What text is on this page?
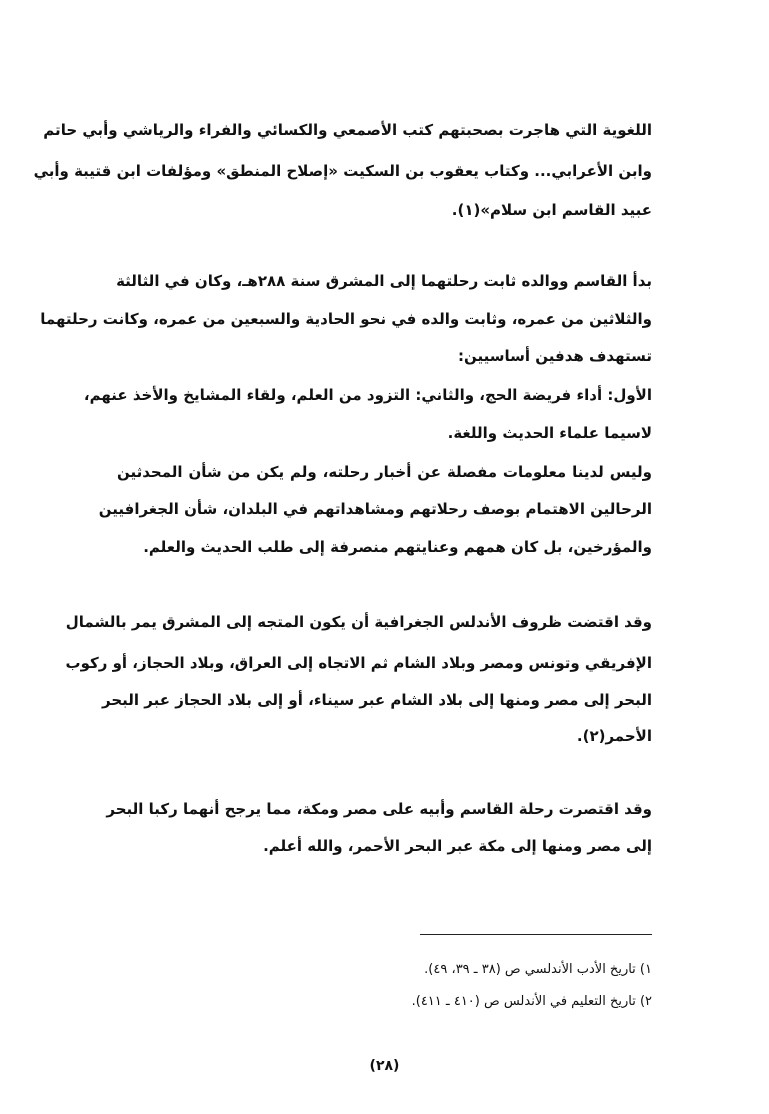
اللغوية التي هاجرت بصحبتهم كتب الأصمعي والكسائي والفراء والرياشي وأبي حاتم
وابن الأعرابي... وكتاب يعقوب بن السكيت «إصلاح المنطق» ومؤلفات ابن قتيبة وأبي
عبيد القاسم ابن سلام»(١).
بدأ القاسم ووالده ثابت رحلتهما إلى المشرق سنة ٢٨٨هـ، وكان في الثالثة
والثلاثين من عمره، وثابت والده في نحو الحادية والسبعين من عمره، وكانت رحلتهما
تستهدف هدفين أساسيين:
الأول: أداء فريضة الحج، والثاني: التزود من العلم، ولقاء المشايخ والأخذ عنهم،
لاسيما علماء الحديث واللغة.
وليس لدينا معلومات مفصلة عن أخبار رحلته، ولم يكن من شأن المحدثين
الرحالين الاهتمام بوصف رحلاتهم ومشاهداتهم في البلدان، شأن الجغرافيين
والمؤرخين، بل كان همهم وعنايتهم منصرفة إلى طلب الحديث والعلم.
وقد اقتضت ظروف الأندلس الجغرافية أن يكون المتجه إلى المشرق يمر بالشمال
الإفريقي وتونس ومصر وبلاد الشام ثم الاتجاه إلى العراق، وبلاد الحجاز، أو ركوب
البحر إلى مصر ومنها إلى بلاد الشام عبر سيناء، أو إلى بلاد الحجاز عبر البحر
الأحمر(٢).
وقد اقتصرت رحلة القاسم وأبيه على مصر ومكة، مما يرجح أنهما ركبا البحر
إلى مصر ومنها إلى مكة عبر البحر الأحمر، والله أعلم.
١) تاريخ الأدب الأندلسي ص (٣٨ ـ ٣٩، ٤٩).
٢) تاريخ التعليم في الأندلس ص (٤١٠ ـ ٤١١).
(٢٨)
